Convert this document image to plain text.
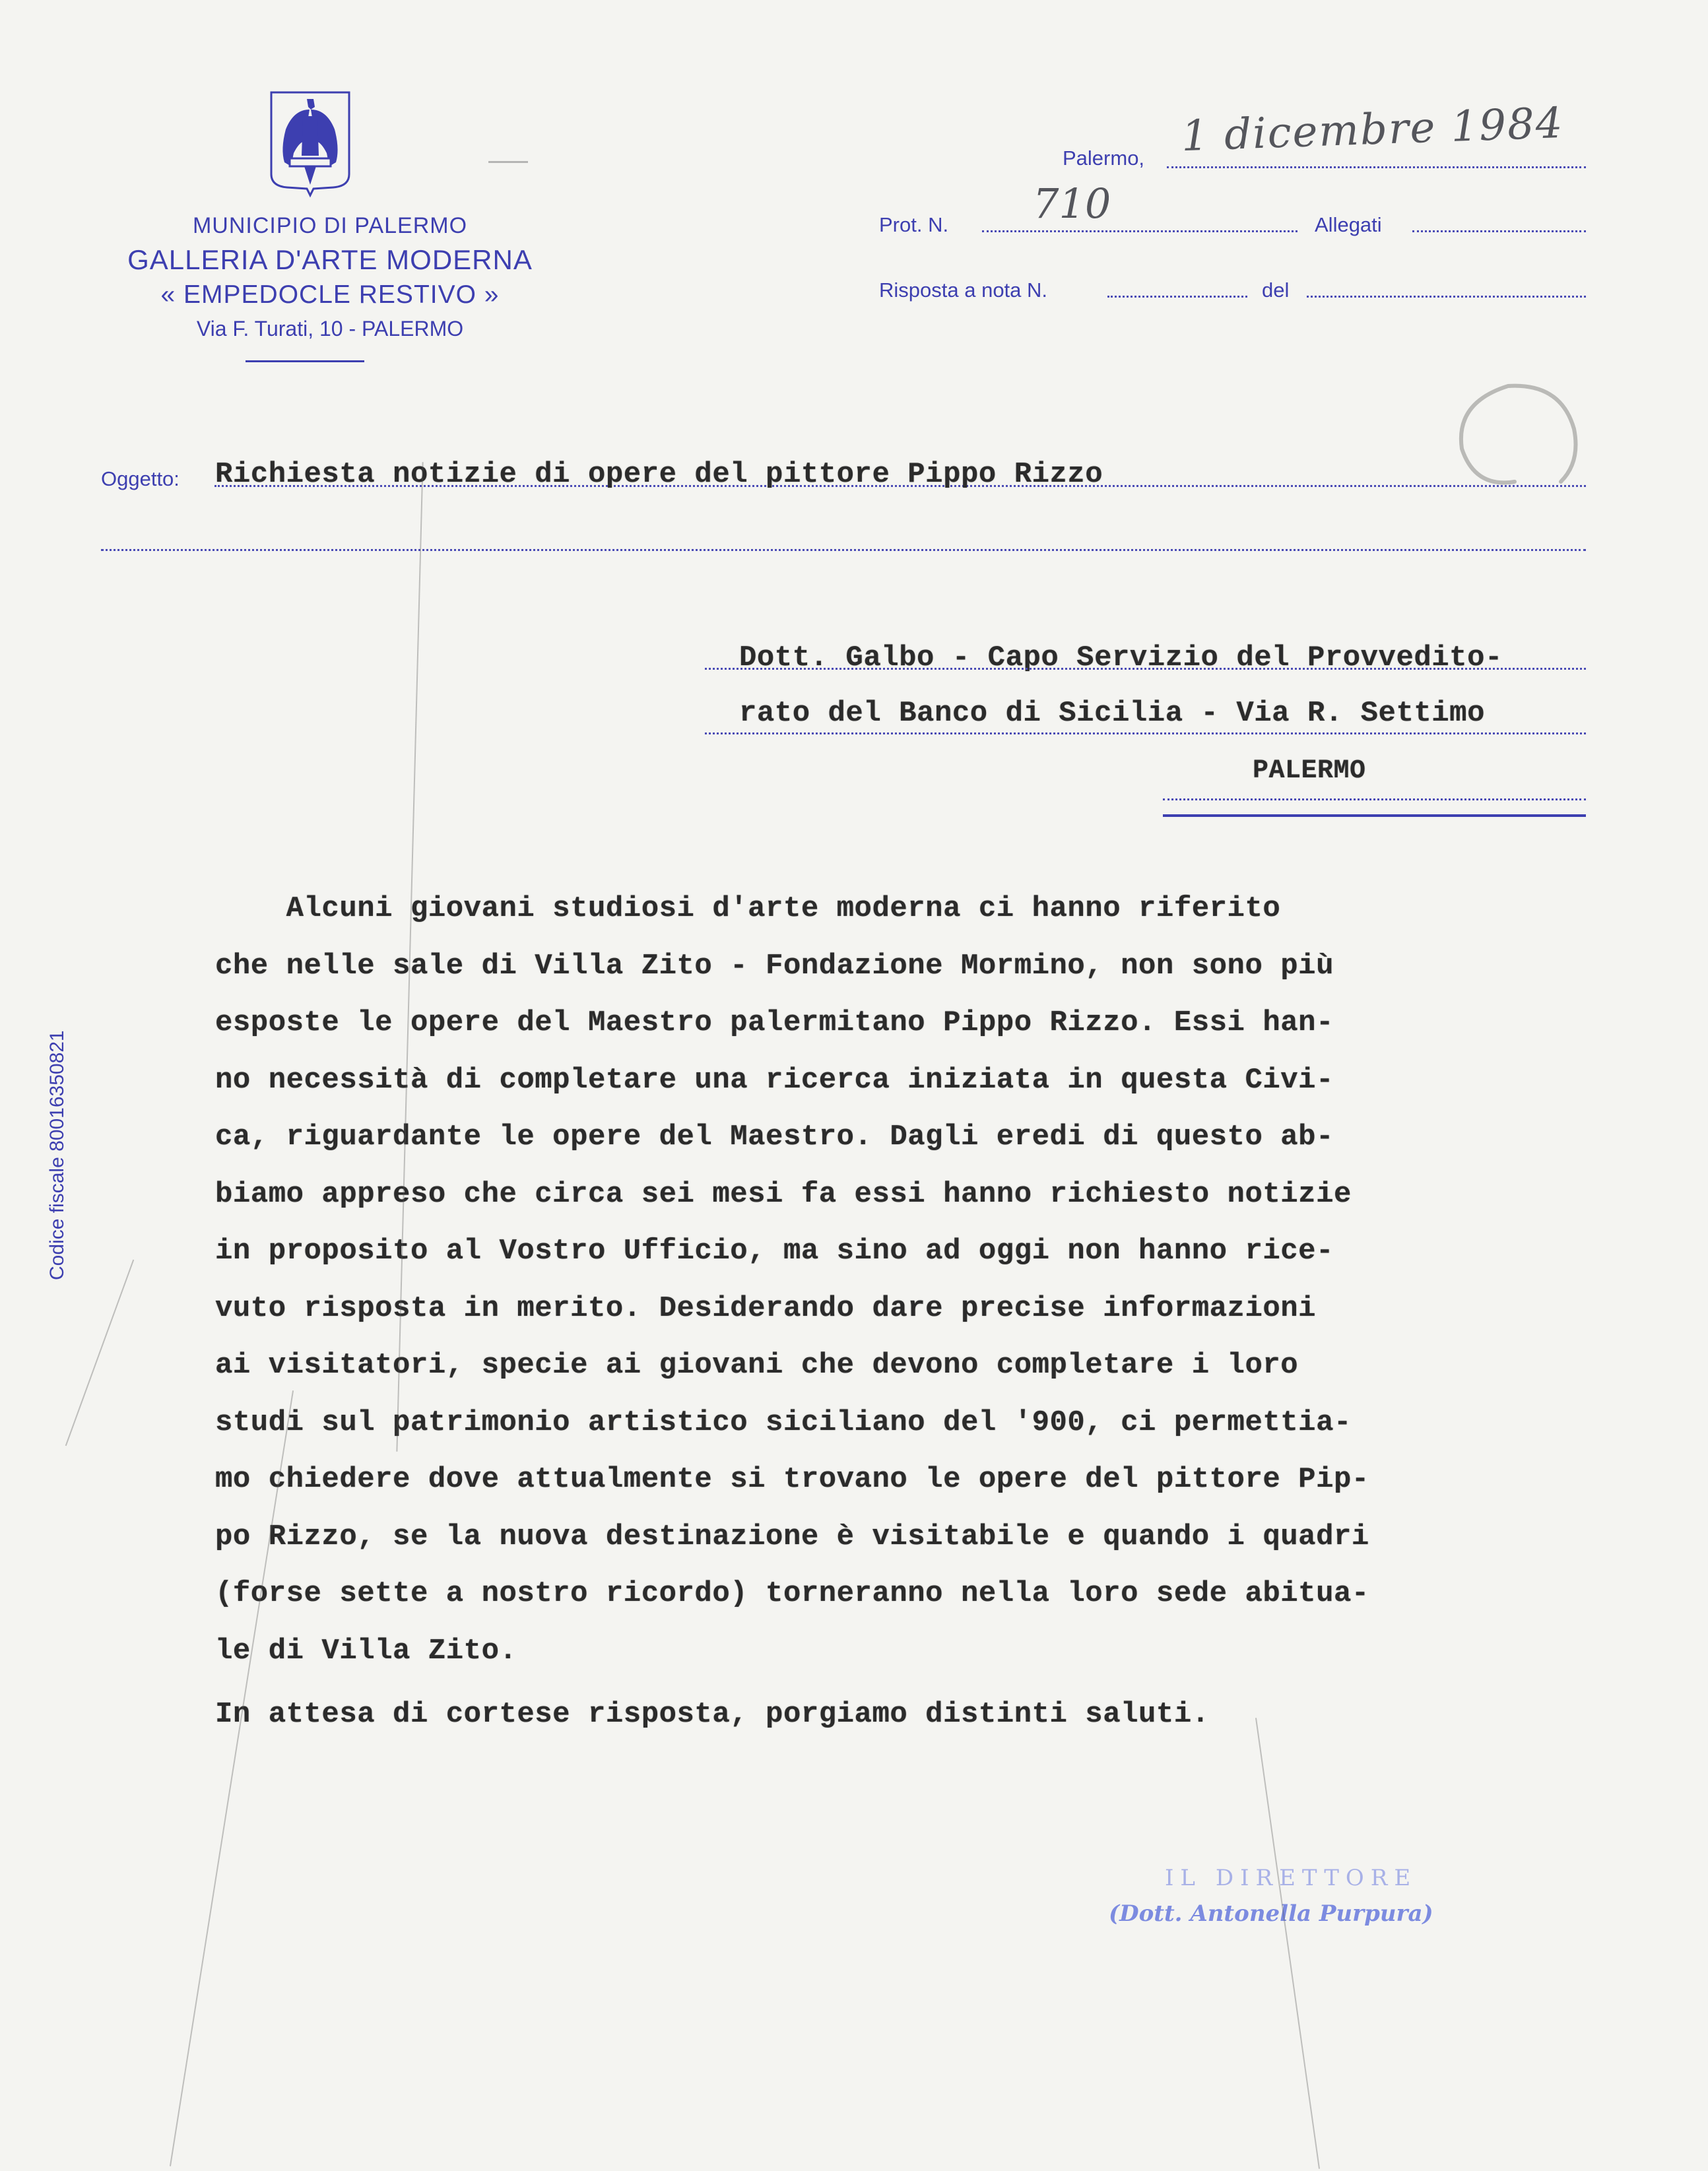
MUNICIPIO DI PALERMO
GALLERIA D'ARTE MODERNA
« EMPEDOCLE RESTIVO »
Via F. Turati, 10 - PALERMO
Palermo, 1 dicembre 1984
Prot. N. 710	Allegati
Risposta a nota N.	del
Oggetto: Richiesta notizie di opere del pittore Pippo Rizzo
Dott. Galbo - Capo Servizio del Provvedito-
rato del Banco di Sicilia - Via R. Settimo
PALERMO
Alcuni giovani studiosi d'arte moderna ci hanno riferito
che nelle sale di Villa Zito - Fondazione Mormino, non sono più
esposte le opere del Maestro palermitano Pippo Rizzo. Essi han-
no necessità di completare una ricerca iniziata in questa Civi-
ca, riguardante le opere del Maestro. Dagli eredi di questo ab-
biamo appreso che circa sei mesi fa essi hanno richiesto notizie
in proposito al Vostro Ufficio, ma sino ad oggi non hanno rice-
vuto risposta in merito. Desiderando dare precise informazioni
ai visitatori, specie ai giovani che devono completare i loro
studi sul patrimonio artistico siciliano del '900, ci permettia-
mo chiedere dove attualmente si trovano le opere del pittore Pip-
po Rizzo, se la nuova destinazione è visitabile e quando i quadri
(forse sette a nostro ricordo) torneranno nella loro sede abitua-
le di Villa Zito.
In attesa di cortese risposta, porgiamo distinti saluti.
Codice fiscale 80016350821
IL DIRETTORE
(Dott. Antonella Purpura)
